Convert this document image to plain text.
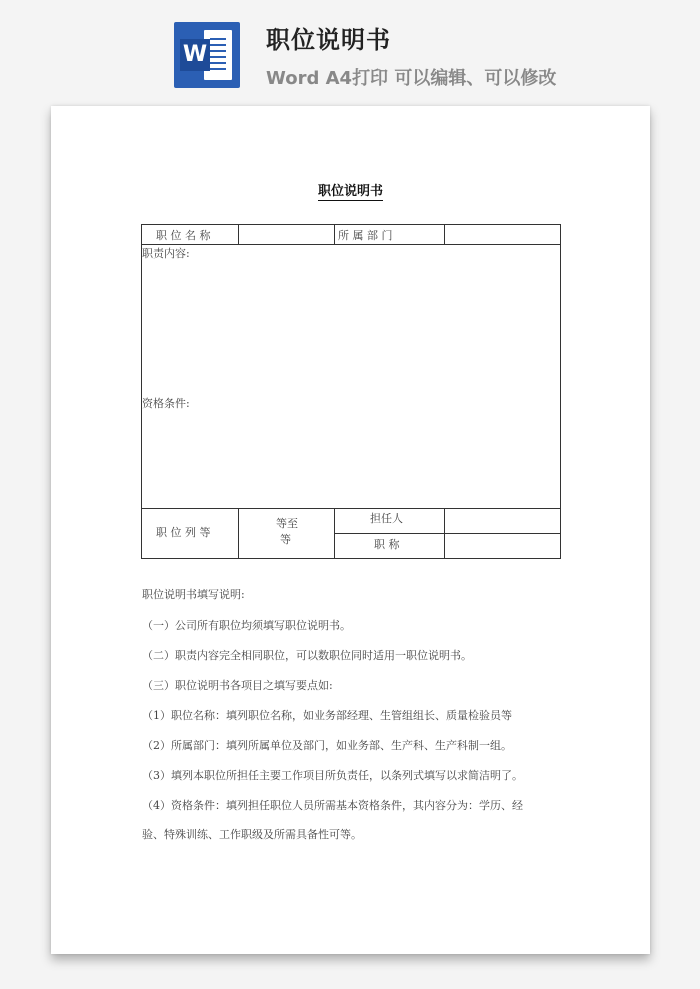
W
职位说明书
Word A4打印 可以编辑、可以修改
职位说明书
职 位 名 称	所 属 部 门
职责内容:
资格条件:
职 位 列 等
等至
等
担任人
职 称

职位说明书填写说明:

（一）公司所有职位均须填写职位说明书。

（二）职责内容完全相同职位，可以数职位同时适用一职位说明书。

（三）职位说明书各项目之填写要点如:

（1）职位名称：填列职位名称，如业务部经理、生管组组长、质量检验员等

（2）所属部门：填列所属单位及部门，如业务部、生产科、生产科制一组。

（3）填列本职位所担任主要工作项目所负责任，以条列式填写以求简洁明了。

（4）资格条件：填列担任职位人员所需基本资格条件，其内容分为：学历、经

验、特殊训练、工作职级及所需具备性可等。
